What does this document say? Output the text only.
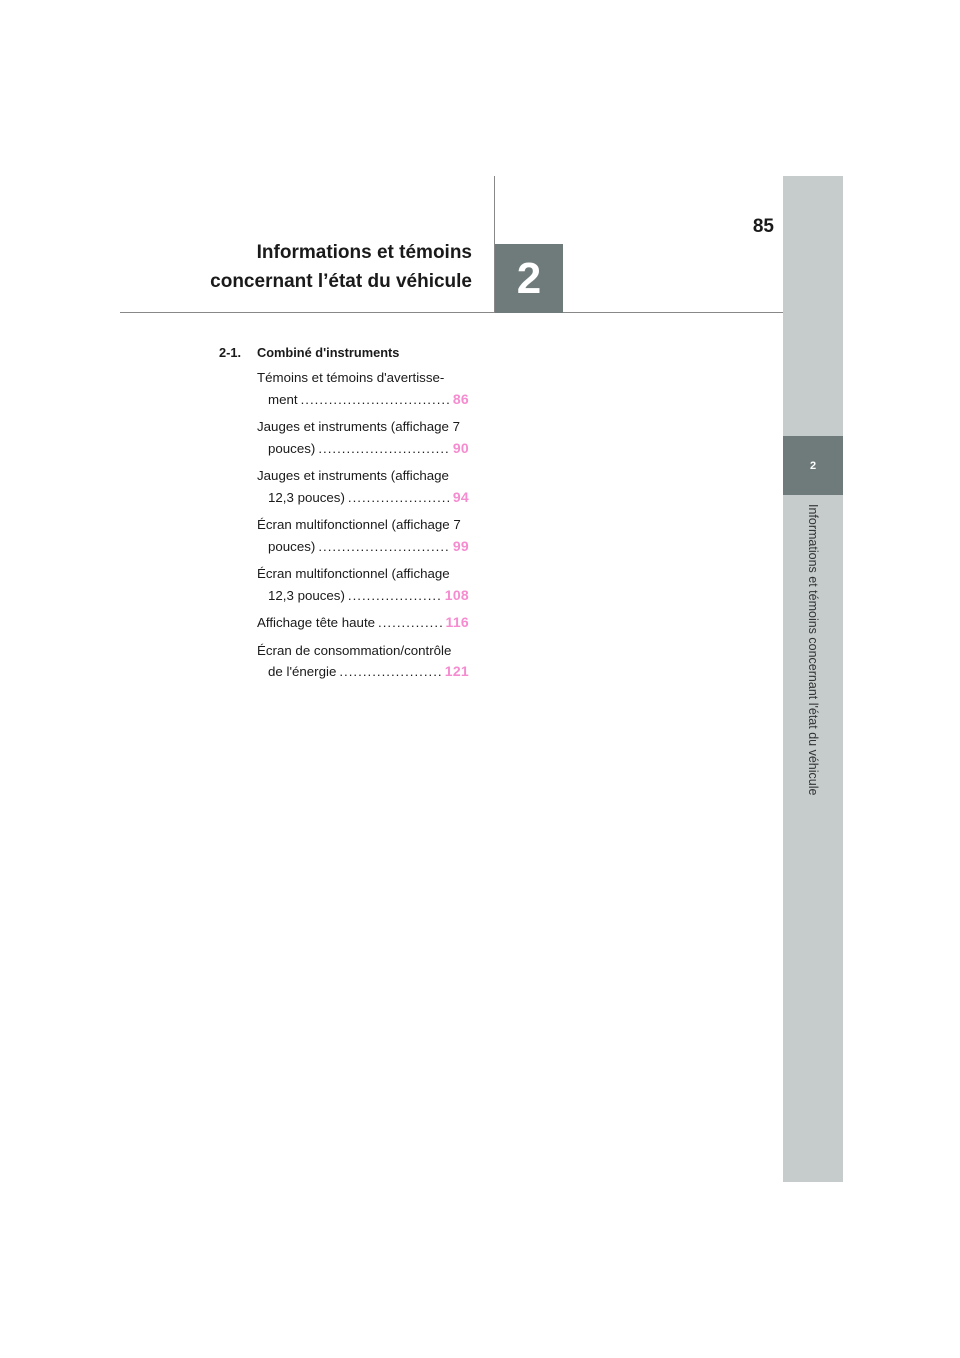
2
Informations et témoins concernant l'état du véhicule
85
Informations et témoins
concernant l’état du véhicule	2
2-1. Combiné d'instruments
Témoins et témoins d'avertisse-
ment .....	86
Jauges et instruments (affichage 7
pouces) .....	90
Jauges et instruments (affichage
12,3 pouces) .....	94
Écran multifonctionnel (affichage 7
pouces) .....	99
Écran multifonctionnel (affichage
12,3 pouces) .....	108
Affichage tête haute .....	116
Écran de consommation/contrôle
de l'énergie .....	121
